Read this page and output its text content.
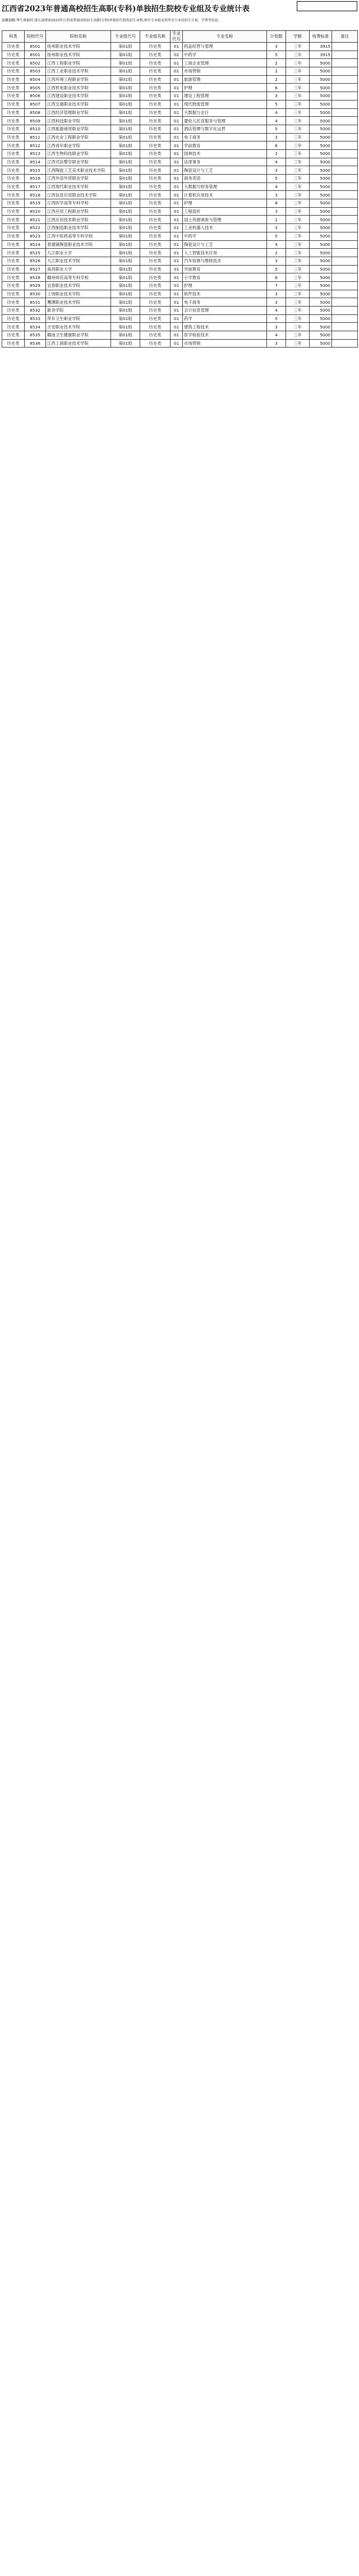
江西省2023年普通高校招生高职(专科)单独招生院校专业组及专业统计表
温馨提醒:考生填报时,请认真阅读2023年江西省普通高校招生高职(专科)单独招生院校招生章程,核实专业组及其所含专业的招生计划、学费等信息。
科类	院校代号	院校名称	专业组代号	专业组名称	专业代号	专业名称	计划数	学制	收费标准	备注
历史类	8501	抚州职业技术学院	第01组	历史类	01	药品经营与管理	3	三年	3915	
历史类	8501	抚州职业技术学院	第01组	历史类	02	中药学	5	三年	3915	
历史类	8502	江西工程职业学院	第01组	历史类	01	工商企业管理	2	三年	5000	
历史类	8503	江西工业职业技术学院	第01组	历史类	01	市场营销	2	三年	5000	
历史类	8504	江西环境工程职业学院	第01组	历史类	01	旅游管理	2	三年	5000	
历史类	8505	江西机电职业技术学院	第01组	历史类	01	护理	6	三年	5000	
历史类	8506	江西建设职业技术学院	第01组	历史类	01	建设工程管理	3	三年	5000	
历史类	8507	江西交通职业技术学院	第01组	历史类	01	现代物流管理	5	三年	5000	
历史类	8508	江西经济管理职业学院	第01组	历史类	01	大数据与会计	4	三年	5000	
历史类	8509	江西科技职业学院	第01组	历史类	01	婴幼儿托育服务与管理	4	三年	5000	
历史类	8510	江西旅游商贸职业学院	第01组	历史类	01	酒店管理与数字化运营	5	三年	5000	
历史类	8511	江西农业工程职业学院	第01组	历史类	01	电子商务	3	三年	5000	
历史类	8512	江西青年职业学院	第01组	历史类	01	学前教育	6	三年	5000	
历史类	8513	江西生物科技职业学院	第01组	历史类	01	园林技术	2	三年	5000	
历史类	8514	江西司法警官职业学院	第01组	历史类	01	法律事务	4	三年	5000	
历史类	8515	江西陶瓷工艺美术职业技术学院	第01组	历史类	01	陶瓷设计与工艺	3	三年	5000	
历史类	8516	江西外语外贸职业学院	第01组	历史类	01	商务英语	5	三年	5000	
历史类	8517	江西现代职业技术学院	第01组	历史类	01	大数据与财务管理	4	三年	5000	
历史类	8518	江西信息应用职业技术学院	第01组	历史类	01	计算机应用技术	3	三年	5000	
历史类	8519	江西医学高等专科学校	第01组	历史类	01	护理	8	三年	5000	
历史类	8520	江西应用工程职业学院	第01组	历史类	01	工程造价	3	三年	5000	
历史类	8521	江西应用技术职业学院	第01组	历史类	01	国土资源调查与管理	2	三年	5000	
历史类	8522	江西制造职业技术学院	第01组	历史类	01	工业机器人技术	3	三年	5000	
历史类	8523	江西中医药高等专科学校	第01组	历史类	01	中药学	5	三年	5000	
历史类	8524	景德镇陶瓷职业技术学院	第01组	历史类	01	陶瓷设计与工艺	4	三年	5000	
历史类	8525	九江职业大学	第01组	历史类	01	人工智能技术应用	2	三年	5000	
历史类	8526	九江职业技术学院	第01组	历史类	01	汽车检测与维修技术	3	三年	5000	
历史类	8527	南昌职业大学	第01组	历史类	01	学前教育	5	三年	5000	
历史类	8528	赣州师范高等专科学校	第01组	历史类	01	小学教育	6	三年	5000	
历史类	8529	宜春职业技术学院	第01组	历史类	01	护理	7	三年	5000	
历史类	8530	上饶职业技术学院	第01组	历史类	01	软件技术	3	三年	5000	
历史类	8531	鹰潭职业技术学院	第01组	历史类	01	电子商务	3	三年	5000	
历史类	8532	新余学院	第01组	历史类	01	会计信息管理	4	三年	5000	
历史类	8533	萍乡卫生职业学院	第01组	历史类	01	药学	5	三年	5000	
历史类	8534	吉安职业技术学院	第01组	历史类	01	建筑工程技术	3	三年	5000	
历史类	8535	赣南卫生健康职业学院	第01组	历史类	01	医学检验技术	4	三年	5000	
历史类	8536	江西工商职业技术学院	第01组	历史类	01	市场营销	3	三年	5000	
